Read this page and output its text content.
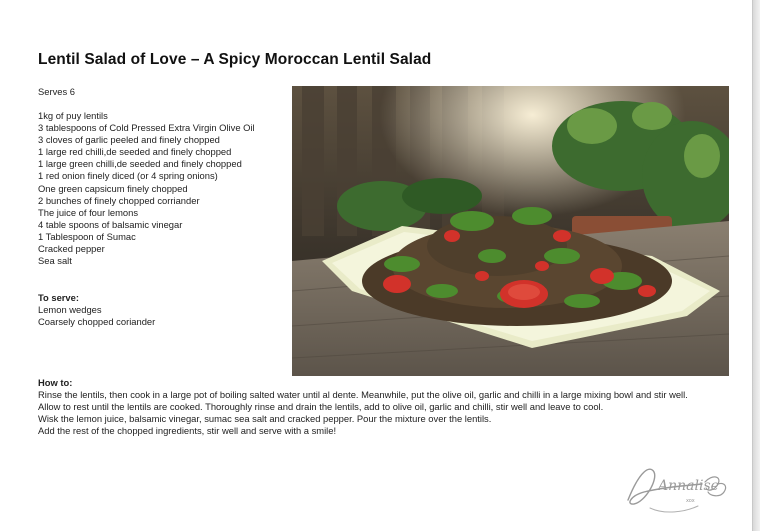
Lentil Salad of Love – A Spicy Moroccan Lentil Salad
Serves 6
1kg of puy lentils
3 tablespoons of Cold Pressed Extra Virgin Olive Oil
3 cloves of garlic peeled and finely chopped
1 large red chilli,de seeded and finely chopped
1 large green chilli,de seeded and finely chopped
1 red onion finely diced (or 4 spring onions)
One green capsicum finely chopped
2 bunches of finely chopped corriander
The juice of four lemons
4 table spoons of balsamic vinegar
1 Tablespoon of Sumac
Cracked pepper
Sea salt
To serve:
Lemon wedges
Coarsely chopped coriander
How to:

Rinse the lentils, then cook in a large pot of boiling salted water until al dente. Meanwhile, put the olive oil, garlic and chilli in a large mixing bowl and stir well.

Allow to rest until the lentils are cooked. Thoroughly rinse and drain the lentils, add to olive oil, garlic and chilli, stir well and leave to cool.

Wisk the lemon juice, balsamic vinegar, sumac sea salt and cracked pepper. Pour the mixture over the lentils.

Add the rest of the chopped ingredients, stir well and serve with a smile!

Annalise
xox
